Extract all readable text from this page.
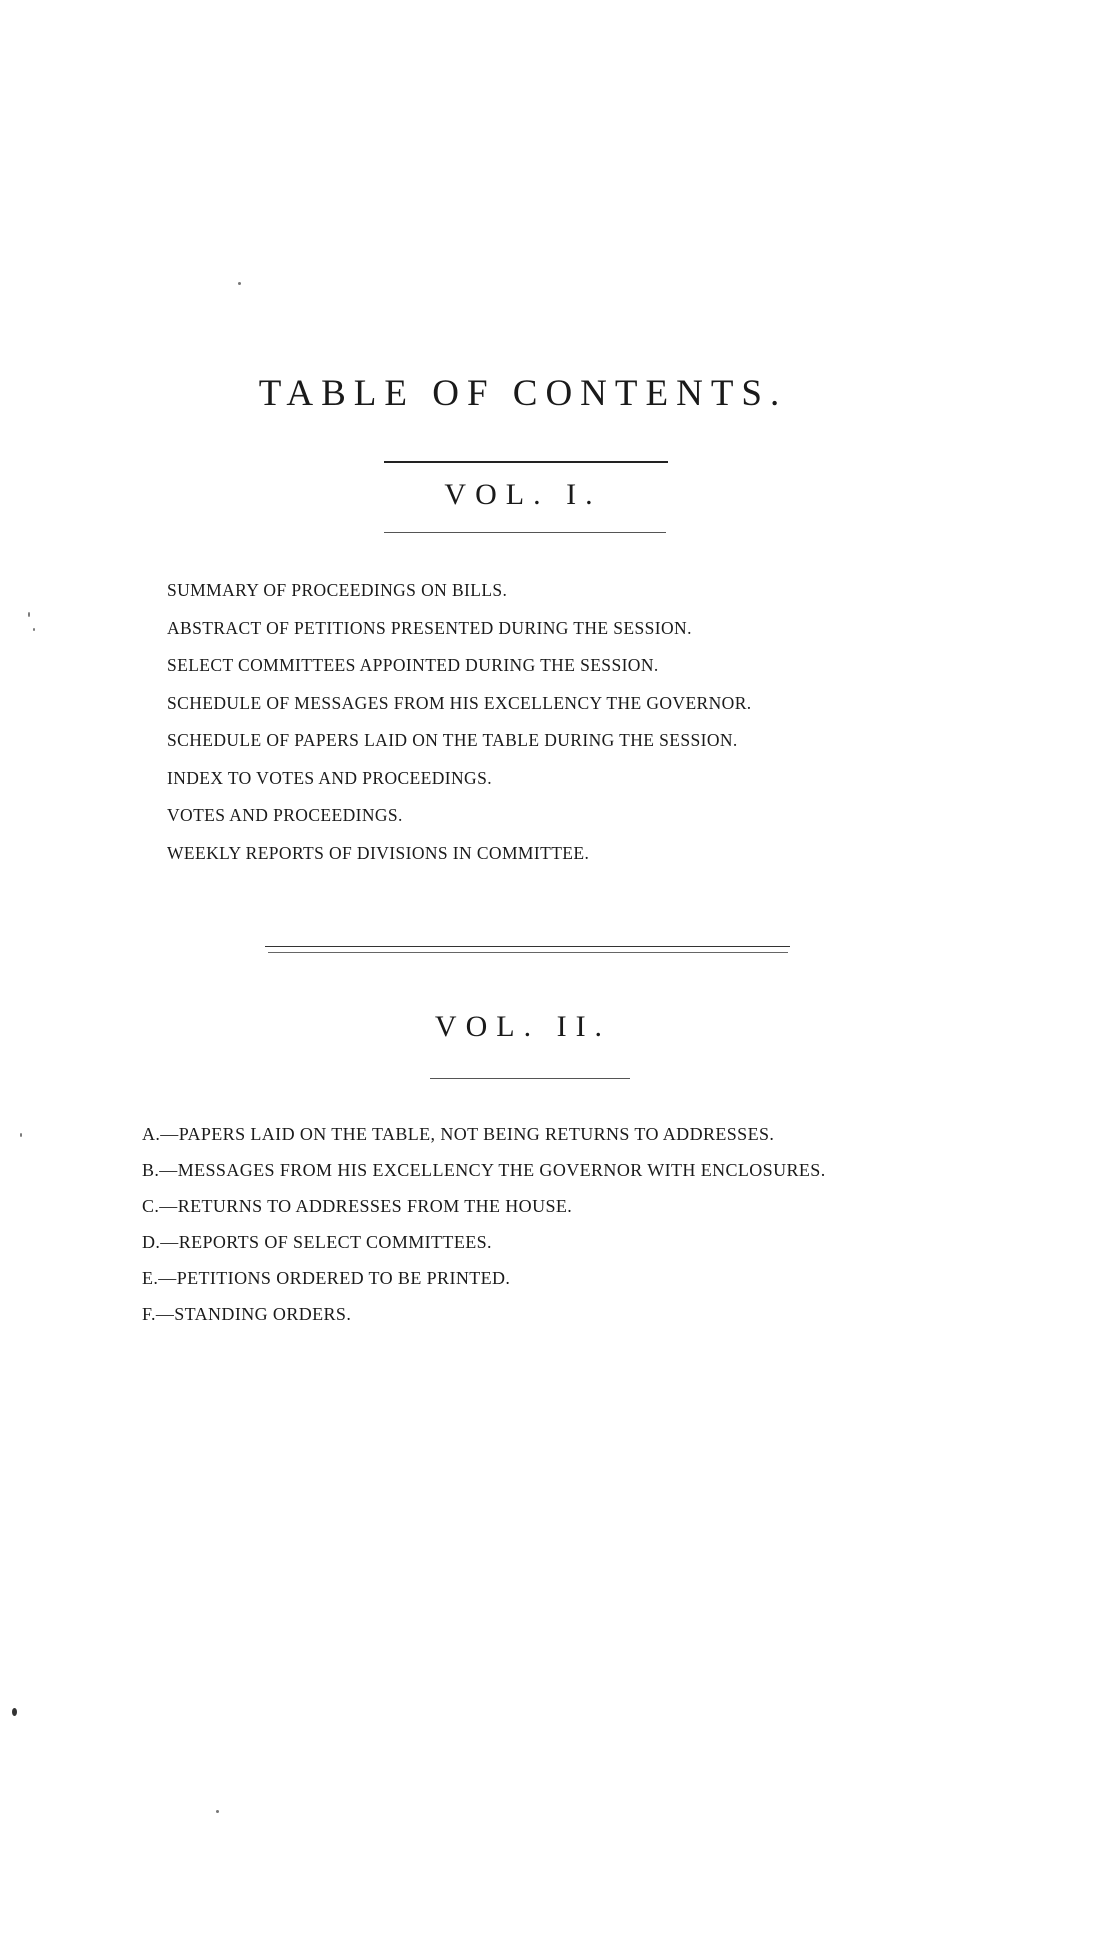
TABLE OF CONTENTS.
VOL. I.
SUMMARY OF PROCEEDINGS ON BILLS.
ABSTRACT OF PETITIONS PRESENTED DURING THE SESSION.
SELECT COMMITTEES APPOINTED DURING THE SESSION.
SCHEDULE OF MESSAGES FROM HIS EXCELLENCY THE GOVERNOR.
SCHEDULE OF PAPERS LAID ON THE TABLE DURING THE SESSION.
INDEX TO VOTES AND PROCEEDINGS.
VOTES AND PROCEEDINGS.
WEEKLY REPORTS OF DIVISIONS IN COMMITTEE.
VOL. II.
A.—PAPERS LAID ON THE TABLE, NOT BEING RETURNS TO ADDRESSES.
B.—MESSAGES FROM HIS EXCELLENCY THE GOVERNOR WITH ENCLOSURES.
C.—RETURNS TO ADDRESSES FROM THE HOUSE.
D.—REPORTS OF SELECT COMMITTEES.
E.—PETITIONS ORDERED TO BE PRINTED.
F.—STANDING ORDERS.
